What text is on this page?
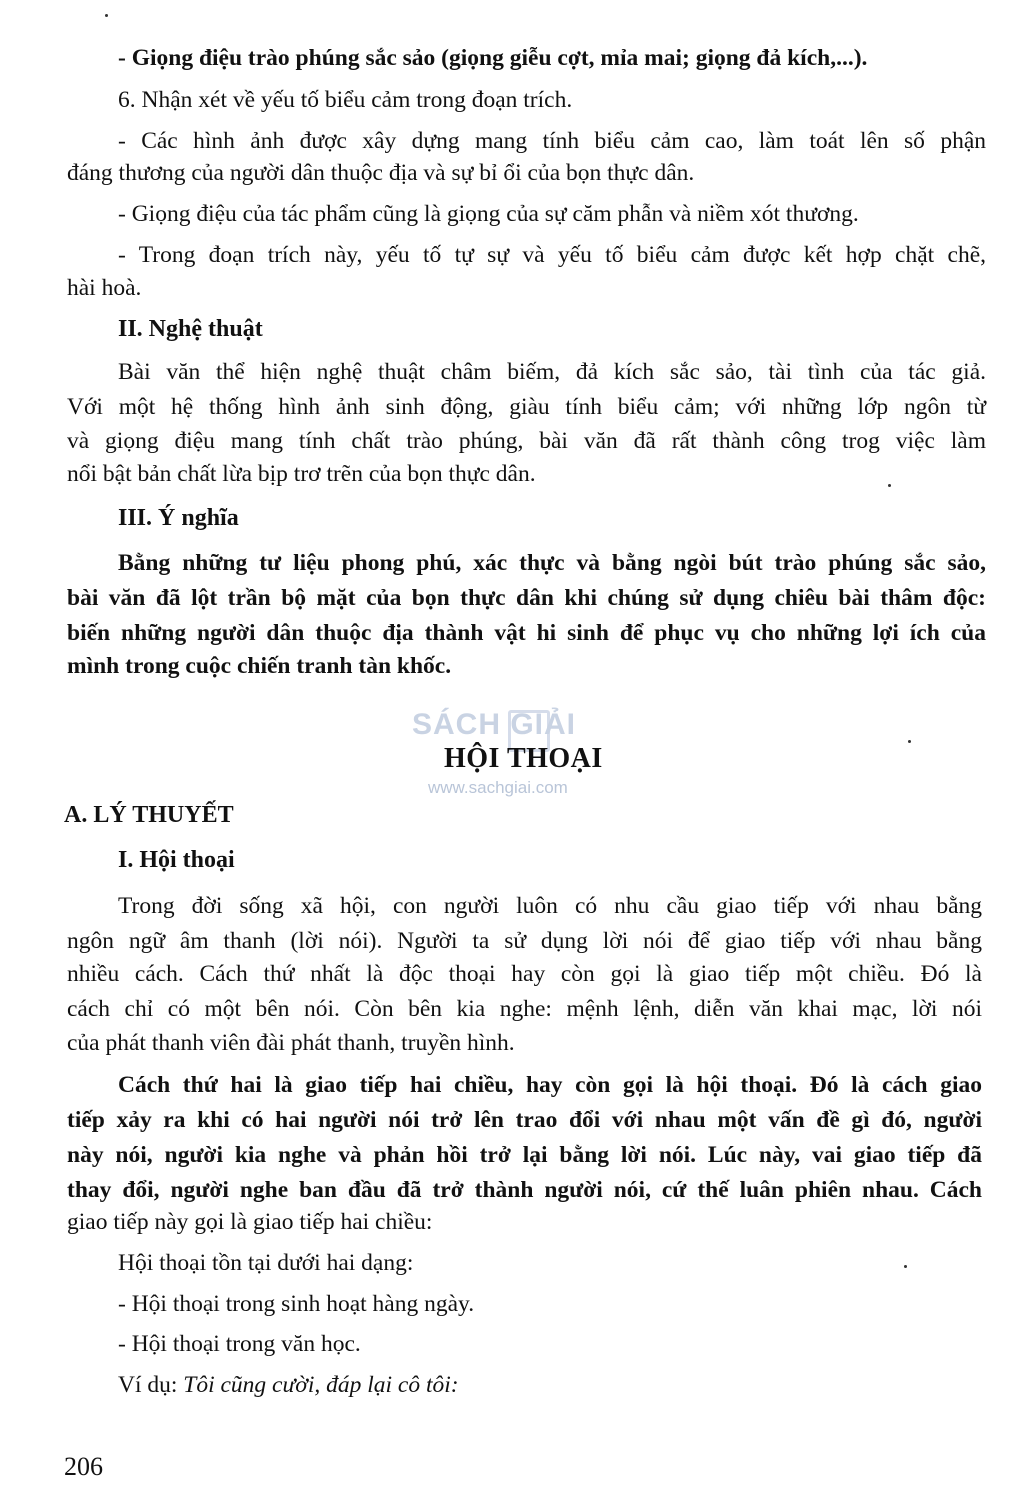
- Giọng điệu trào phúng sắc sảo (giọng giễu cợt, mỉa mai; giọng đả kích,...).
6. Nhận xét về yếu tố biểu cảm trong đoạn trích.
- Các hình ảnh được xây dựng mang tính biểu cảm cao, làm toát lên số phận
đáng thương của người dân thuộc địa và sự bỉ ổi của bọn thực dân.
- Giọng điệu của tác phẩm cũng là giọng của sự căm phẫn và niềm xót thương.
- Trong đoạn trích này, yếu tố tự sự và yếu tố biểu cảm được kết hợp chặt chẽ,
hài hoà.
II. Nghệ thuật
Bài văn thể hiện nghệ thuật châm biếm, đả kích sắc sảo, tài tình của tác giả.
Với một hệ thống hình ảnh sinh động, giàu tính biểu cảm; với những lớp ngôn từ
và giọng điệu mang tính chất trào phúng, bài văn đã rất thành công trog việc làm
nổi bật bản chất lừa bịp trơ trẽn của bọn thực dân.
III. Ý nghĩa
Bằng những tư liệu phong phú, xác thực và bằng ngòi bút trào phúng sắc sảo,
bài văn đã lột trần bộ mặt của bọn thực dân khi chúng sử dụng chiêu bài thâm độc:
biến những người dân thuộc địa thành vật hi sinh để phục vụ cho những lợi ích của
mình trong cuộc chiến tranh tàn khốc.
SÁCH GIẢI
www.sachgiai.com
HỘI THOẠI
A. LÝ THUYẾT
I. Hội thoại
Trong đời sống xã hội, con người luôn có nhu cầu giao tiếp với nhau bằng
ngôn ngữ âm thanh (lời nói). Người ta sử dụng lời nói để giao tiếp với nhau bằng
nhiều cách. Cách thứ nhất là độc thoại hay còn gọi là giao tiếp một chiều. Đó là
cách chỉ có một bên nói. Còn bên kia nghe: mệnh lệnh, diễn văn khai mạc, lời nói
của phát thanh viên đài phát thanh, truyền hình.
Cách thứ hai là giao tiếp hai chiều, hay còn gọi là hội thoại. Đó là cách giao
tiếp xảy ra khi có hai người nói trở lên trao đổi với nhau một vấn đề gì đó, người
này nói, người kia nghe và phản hồi trở lại bằng lời nói. Lúc này, vai giao tiếp đã
thay đổi, người nghe ban đầu đã trở thành người nói, cứ thế luân phiên nhau. Cách
giao tiếp này gọi là giao tiếp hai chiều:
Hội thoại tồn tại dưới hai dạng:
- Hội thoại trong sinh hoạt hàng ngày.
- Hội thoại trong văn học.
Ví dụ: Tôi cũng cười, đáp lại cô tôi:
206
